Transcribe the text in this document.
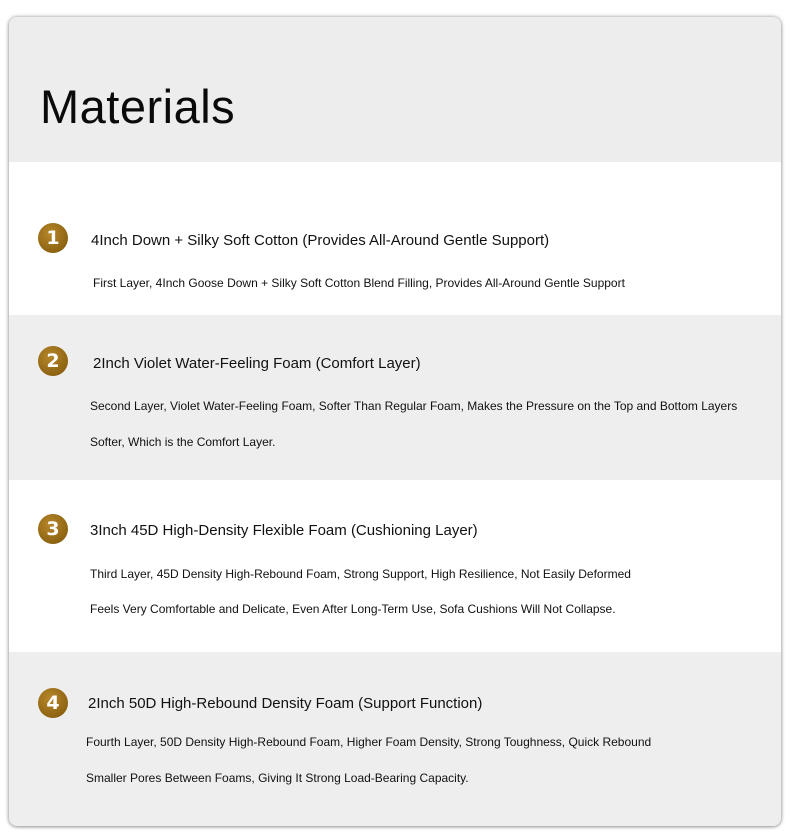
Materials
1	4Inch Down + Silky Soft Cotton (Provides All-Around Gentle Support)
First Layer, 4Inch Goose Down + Silky Soft Cotton Blend Filling, Provides All-Around Gentle Support
2	2Inch Violet Water-Feeling Foam (Comfort Layer)
Second Layer, Violet Water-Feeling Foam, Softer Than Regular Foam, Makes the Pressure on the Top and Bottom Layers
Softer, Which is the Comfort Layer.
3	3Inch 45D High-Density Flexible Foam (Cushioning Layer)
Third Layer, 45D Density High-Rebound Foam, Strong Support, High Resilience, Not Easily Deformed
Feels Very Comfortable and Delicate, Even After Long-Term Use, Sofa Cushions Will Not Collapse.
4	2Inch 50D High-Rebound Density Foam (Support Function)
Fourth Layer, 50D Density High-Rebound Foam, Higher Foam Density, Strong Toughness, Quick Rebound
Smaller Pores Between Foams, Giving It Strong Load-Bearing Capacity.
